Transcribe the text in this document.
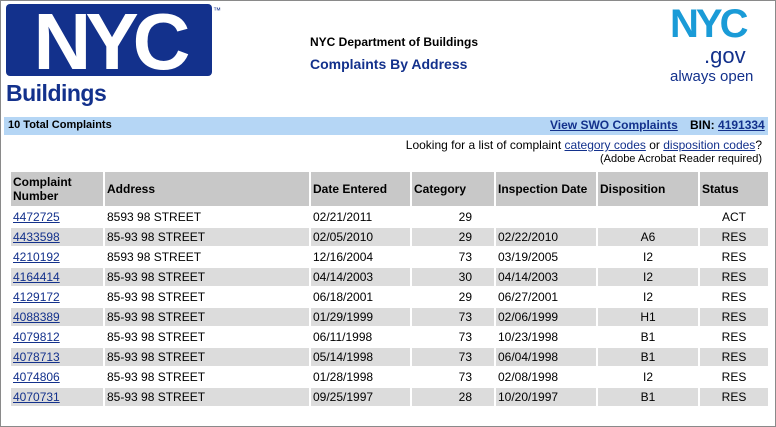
NYC	™
Buildings
NYC Department of Buildings
Complaints By Address
NYC
.gov
always open
10 Total Complaints	View SWO Complaints BIN: 4191334
Looking for a list of complaint category codes or disposition codes?
(Adobe Acrobat Reader required)
Complaint Number	Address	Date Entered	Category	Inspection Date	Disposition	Status
4472725	8593 98 STREET	02/21/2011	29			ACT
4433598	85-93 98 STREET	02/05/2010	29	02/22/2010	A6	RES
4210192	8593 98 STREET	12/16/2004	73	03/19/2005	I2	RES
4164414	85-93 98 STREET	04/14/2003	30	04/14/2003	I2	RES
4129172	85-93 98 STREET	06/18/2001	29	06/27/2001	I2	RES
4088389	85-93 98 STREET	01/29/1999	73	02/06/1999	H1	RES
4079812	85-93 98 STREET	06/11/1998	73	10/23/1998	B1	RES
4078713	85-93 98 STREET	05/14/1998	73	06/04/1998	B1	RES
4074806	85-93 98 STREET	01/28/1998	73	02/08/1998	I2	RES
4070731	85-93 98 STREET	09/25/1997	28	10/20/1997	B1	RES
